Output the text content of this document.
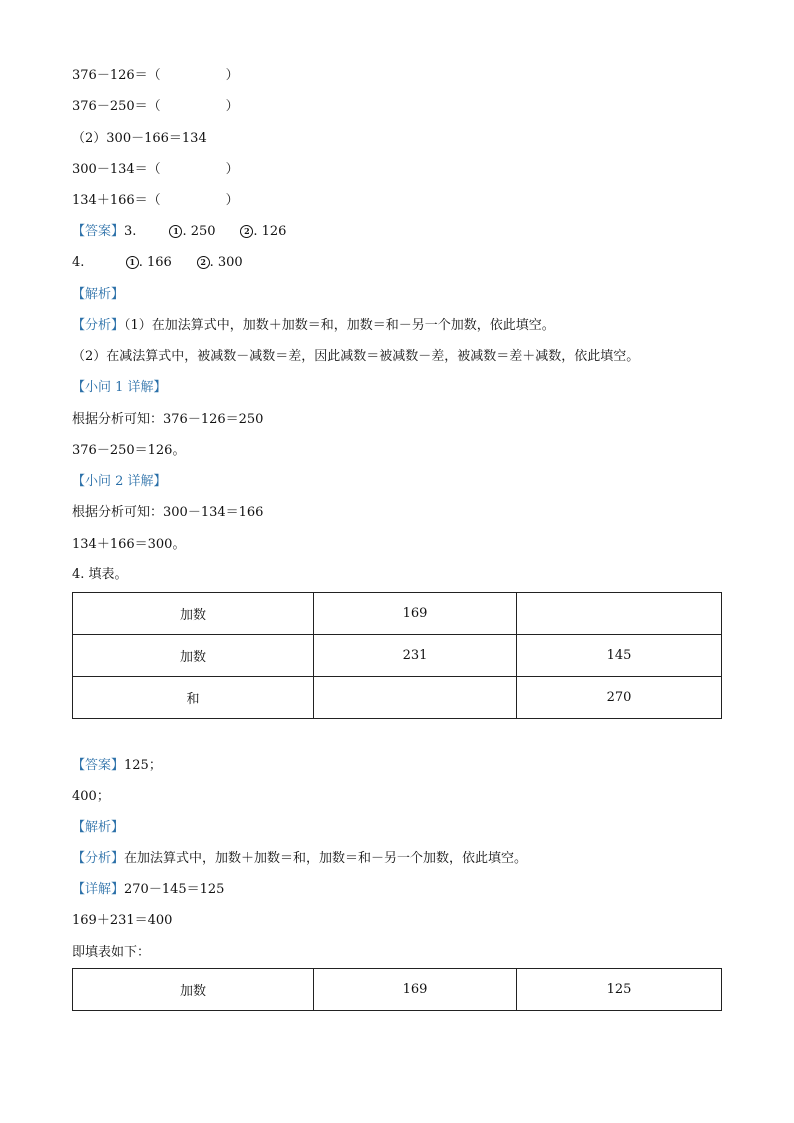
376－126＝（　　　　　）
376－250＝（　　　　　）
（2）300－166＝134
300－134＝（　　　　　）
134＋166＝（　　　　　）
【答案】3.	1 . 250	2 . 126
4.	1 . 166	2 . 300
【解析】
【分析】（1）在加法算式中，加数＋加数＝和，加数＝和－另一个加数，依此填空。
（2）在减法算式中，被减数－减数＝差，因此减数＝被减数－差，被减数＝差＋减数，依此填空。
【小问 1 详解】
根据分析可知：376－126＝250
376－250＝126。
【小问 2 详解】
根据分析可知：300－134＝166
134＋166＝300。
4. 填表。
加数	169	
加数	231	145
和		270
【答案】125；
400；
【解析】
【分析】在加法算式中，加数＋加数＝和，加数＝和－另一个加数，依此填空。
【详解】270－145＝125
169＋231＝400
即填表如下：
加数	169	125
